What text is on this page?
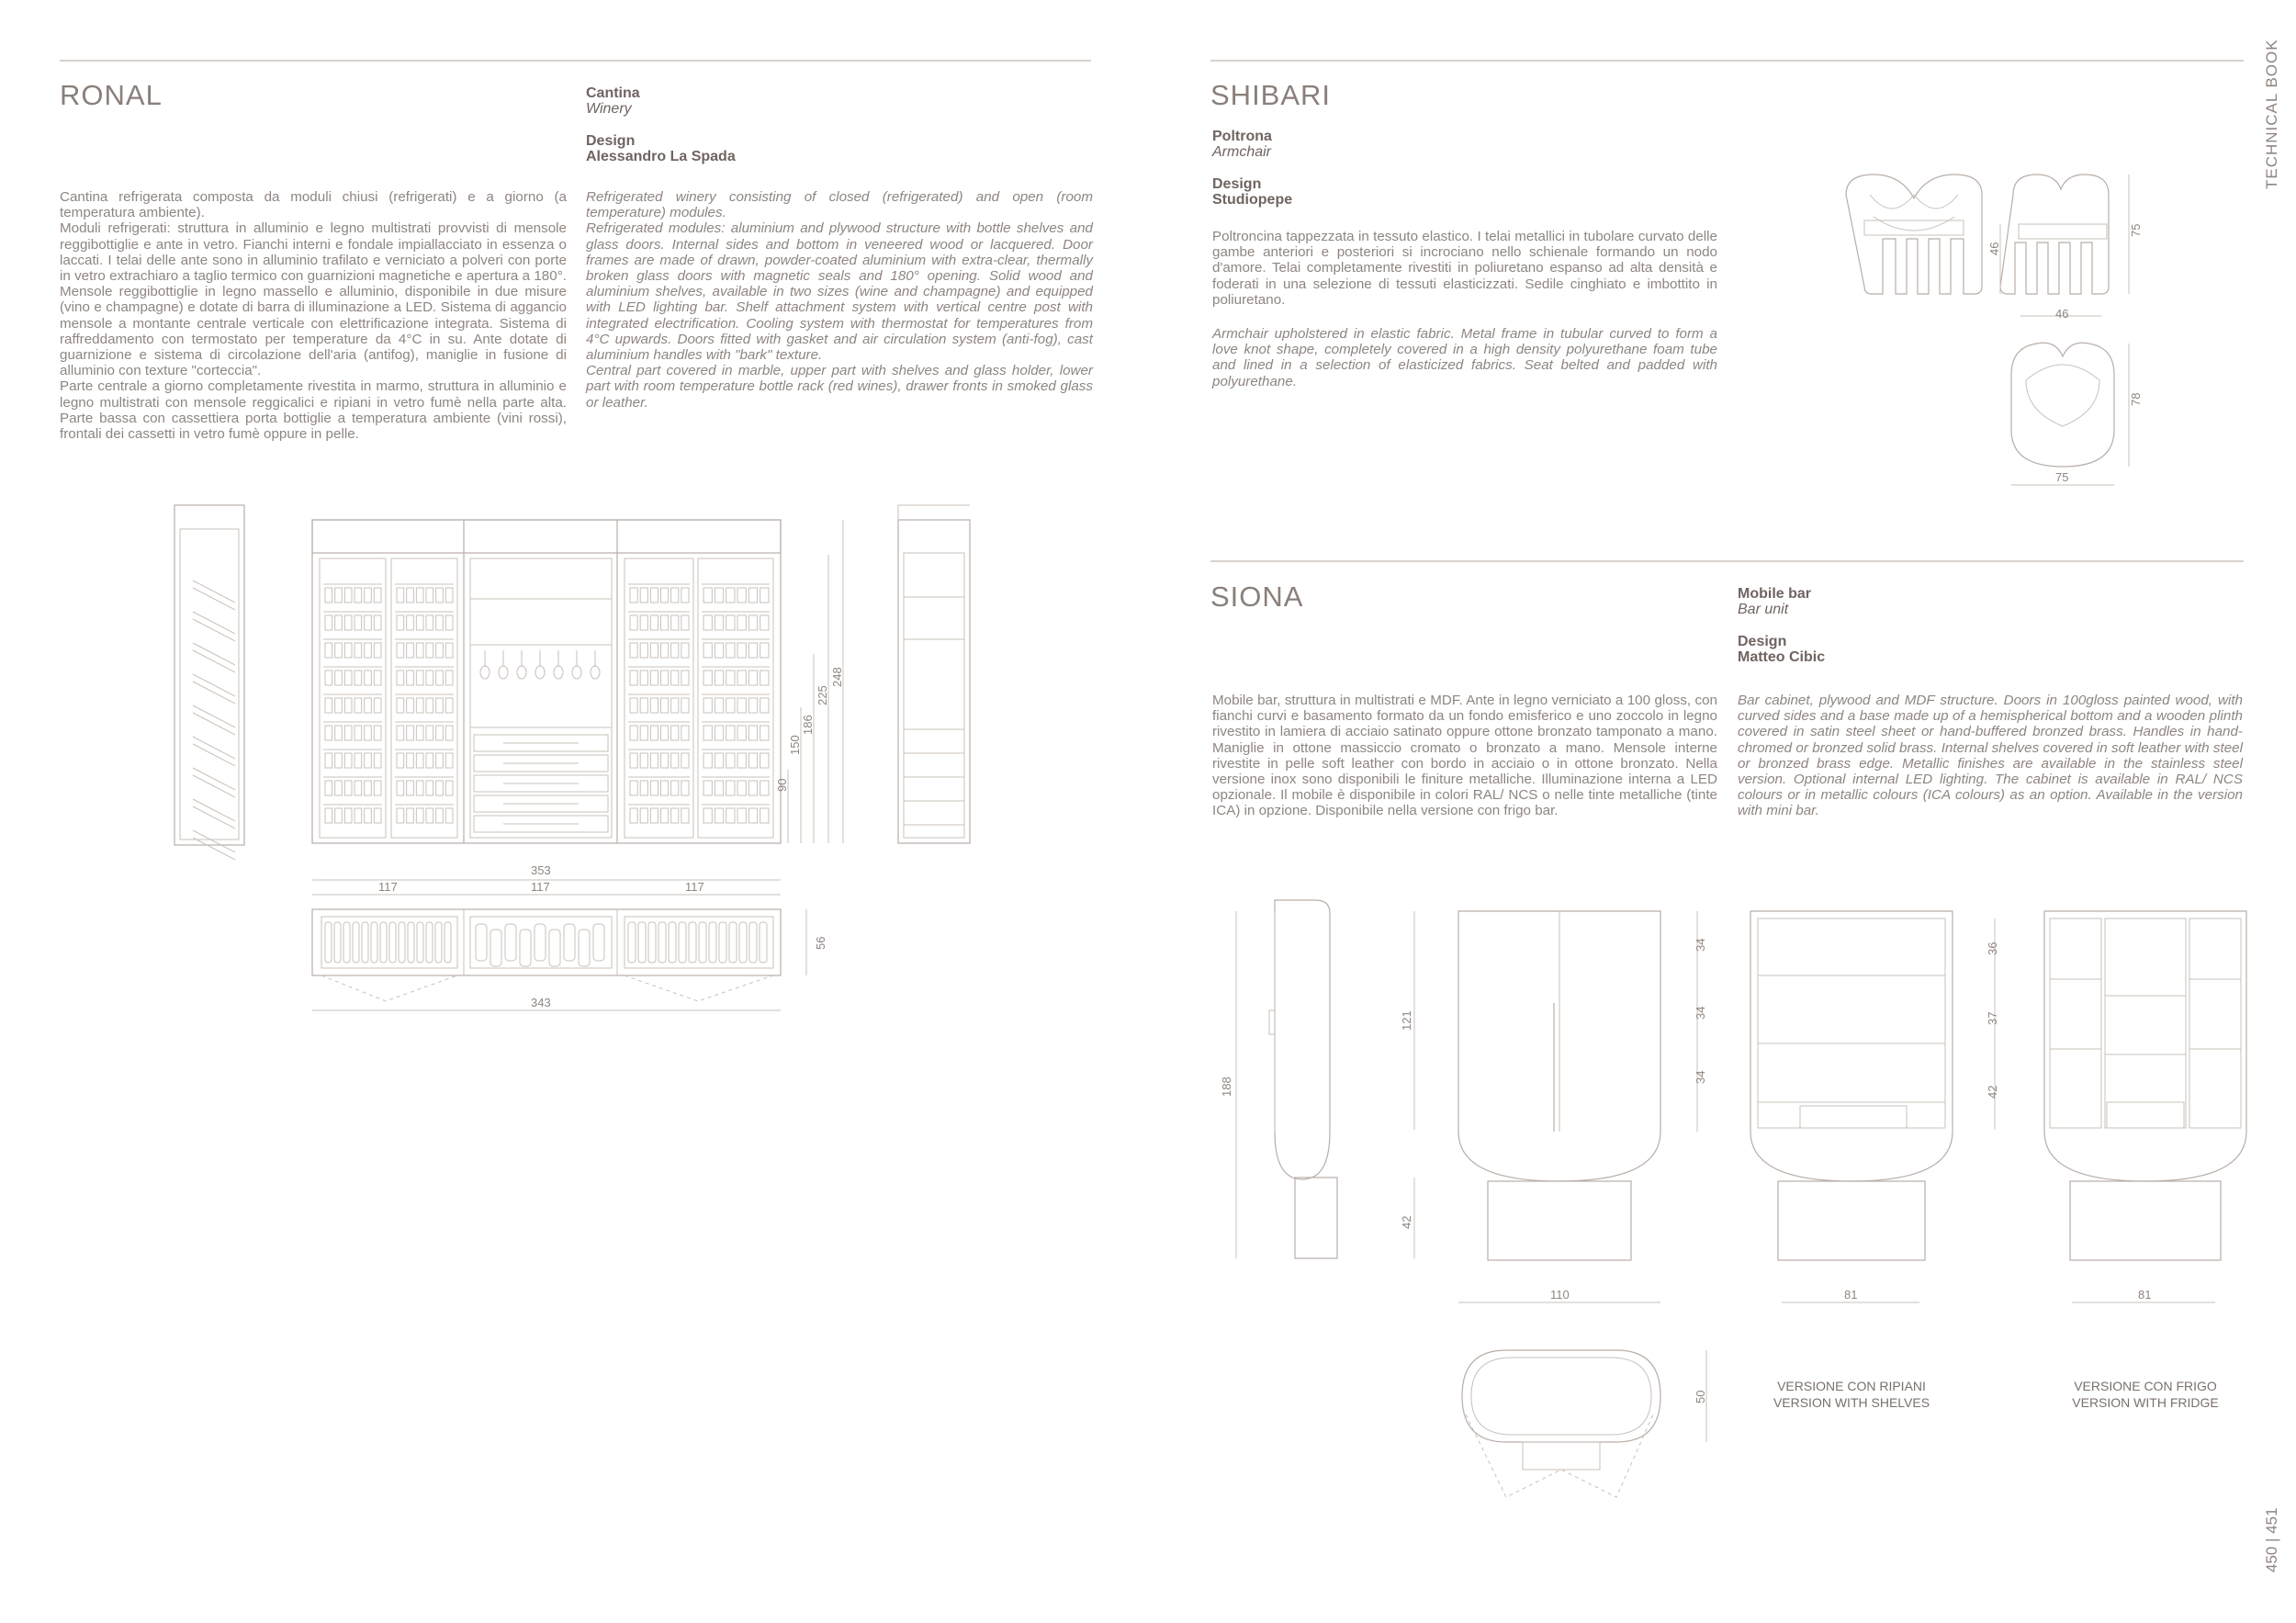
TECHNICAL BOOK
450 | 451
RONAL	Cantina
Winery
Design
Alessandro La Spada
Cantina refrigerata composta da moduli chiusi (refrigerati) e a giorno (a temperatura ambiente).
Moduli refrigerati: struttura in alluminio e legno multistrati provvisti di mensole reggibottiglie e ante in vetro. Fianchi interni e fondale impiallacciato in essenza o laccati. I telai delle ante sono in alluminio trafilato e verniciato a polveri con porte in vetro extrachiaro a taglio termico con guarnizioni magnetiche e apertura a 180°. Mensole reggibottiglie in legno massello e alluminio, disponibile in due misure (vino e champagne) e dotate di barra di illuminazione a LED. Sistema di aggancio mensole a montante centrale verticale con elettrificazione integrata. Sistema di raffreddamento con termostato per temperature da 4°C in su. Ante dotate di guarnizione e sistema di circolazione dell'aria (antifog), maniglie in fusione di alluminio con texture "corteccia".
Parte centrale a giorno completamente rivestita in marmo, struttura in alluminio e legno multistrati con mensole reggicalici e ripiani in vetro fumè nella parte alta. Parte bassa con cassettiera porta bottiglie a temperatura ambiente (vini rossi), frontali dei cassetti in vetro fumè oppure in pelle.
Refrigerated winery consisting of closed (refrigerated) and open (room temperature) modules.
Refrigerated modules: aluminium and plywood structure with bottle shelves and glass doors. Internal sides and bottom in veneered wood or lacquered. Door frames are made of drawn, powder-coated aluminium with extra-clear, thermally broken glass doors with magnetic seals and 180° opening. Solid wood and aluminium shelves, available in two sizes (wine and champagne) and equipped with LED lighting bar. Shelf attachment system with vertical centre post with integrated electrification. Cooling system with thermostat for temperatures from 4°C upwards. Doors fitted with gasket and air circulation system (anti-fog), cast aluminium handles with "bark" texture.
Central part covered in marble, upper part with shelves and glass holder, lower part with room temperature bottle rack (red wines), drawer fronts in smoked glass or leather.
90
150
186
225
248
353
117	117	117
56
343
SHIBARI
Poltrona
Armchair
Design
Studiopepe
Poltroncina tappezzata in tessuto elastico. I telai metallici in tubolare curvato delle gambe anteriori e posteriori si incrociano nello schienale formando un nodo d'amore. Telai completamente rivestiti in poliuretano espanso ad alta densità e foderati in una selezione di tessuti elasticizzati. Sedile cinghiato e imbottito in poliuretano.
Armchair upholstered in elastic fabric. Metal frame in tubular curved to form a love knot shape, completely covered in a high density polyurethane foam tube and lined in a selection of elasticized fabrics. Seat belted and padded with polyurethane.
46
75
46
78
75
SIONA	Mobile bar
Bar unit
Design
Matteo Cibic
Mobile bar, struttura in multistrati e MDF. Ante in legno verniciato a 100 gloss, con fianchi curvi e basamento formato da un fondo emisferico e uno zoccolo in legno rivestito in lamiera di acciaio satinato oppure ottone bronzato tamponato a mano. Maniglie in ottone massiccio cromato o bronzato a mano. Mensole interne rivestite in pelle soft leather con bordo in acciaio o in ottone bronzato. Nella versione inox sono disponibili le finiture metalliche. Illuminazione interna a LED opzionale. Il mobile è disponibile in colori RAL/ NCS o nelle tinte metalliche (tinte ICA) in opzione. Disponibile nella versione con frigo bar.
Bar cabinet, plywood and MDF structure. Doors in 100gloss painted wood, with curved sides and a base made up of a hemispherical bottom and a wooden plinth covered in satin steel sheet or hand-buffered bronzed brass. Handles in hand-chromed or bronzed solid brass. Internal shelves covered in soft leather with steel or bronzed brass edge. Metallic finishes are available in the stainless steel version. Optional internal LED lighting. The cabinet is available in RAL/ NCS colours or in metallic colours (ICA colours) as an option. Available in the version with mini bar.
188
121
42
34
34
34
36
37
42
110	81	81
50
VERSIONE CON RIPIANI
VERSION WITH SHELVES
VERSIONE CON FRIGO
VERSION WITH FRIDGE
